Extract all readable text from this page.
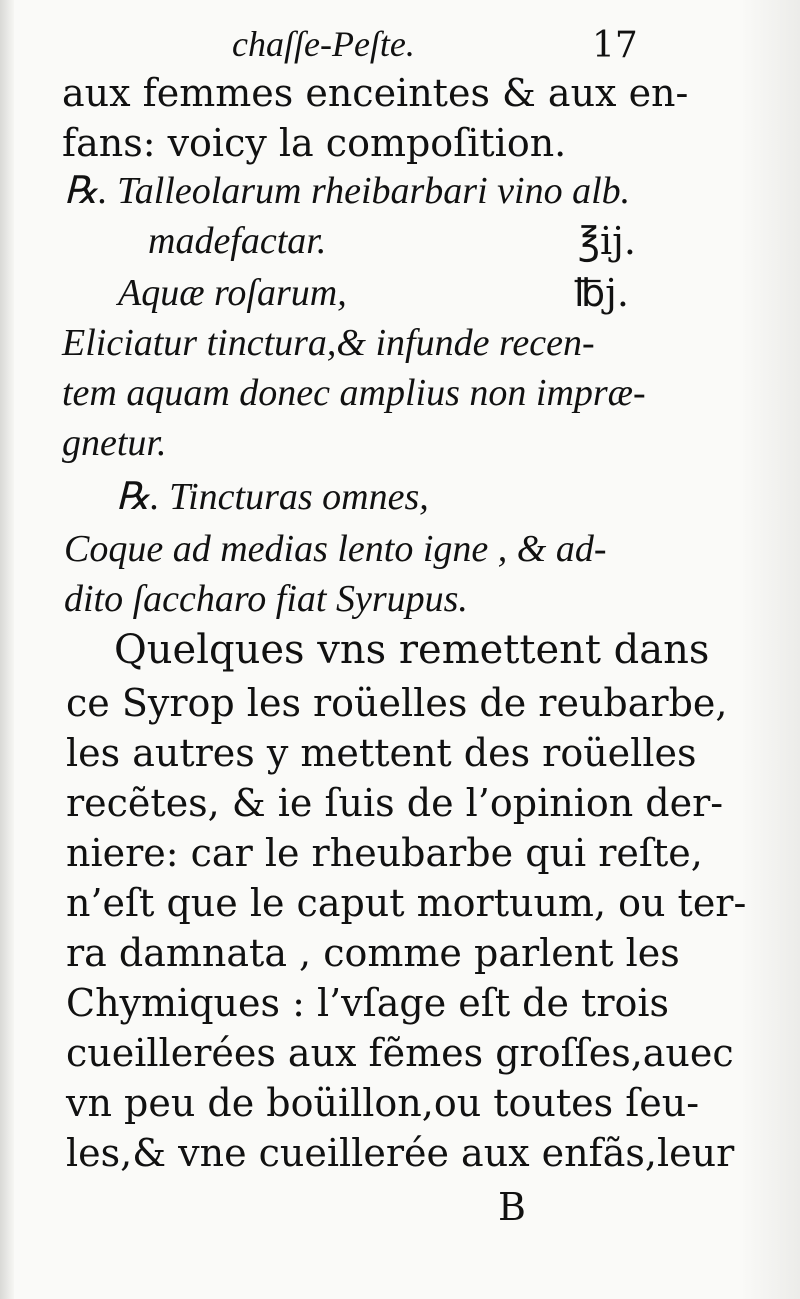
chaſſe-Peſte.	17
aux femmes enceintes & aux en-
fans: voicy la compoſition.
℞. Talleolarum rheibarbari vino alb.
madefactar.	℥ij.
Aquæ roſarum,	℔j.
Eliciatur tinctura,& infunde recen-
tem aquam donec amplius non impræ-
gnetur.
℞. Tincturas omnes,
Coque ad medias lento igne , & ad-
dito ſaccharo fiat Syrupus.
Quelques vns remettent dans
ce Syrop les roüelles de reubarbe,
les autres y mettent des roüelles
recẽtes, & ie ſuis de l’opinion der-
niere: car le rheubarbe qui reſte,
n’eſt que le caput mortuum, ou ter-
ra damnata , comme parlent les
Chymiques : l’vſage eſt de trois
cueillerées aux fẽmes groſſes,auec
vn peu de boüillon,ou toutes ſeu-
les,& vne cueillerée aux enfãs,leur
B
